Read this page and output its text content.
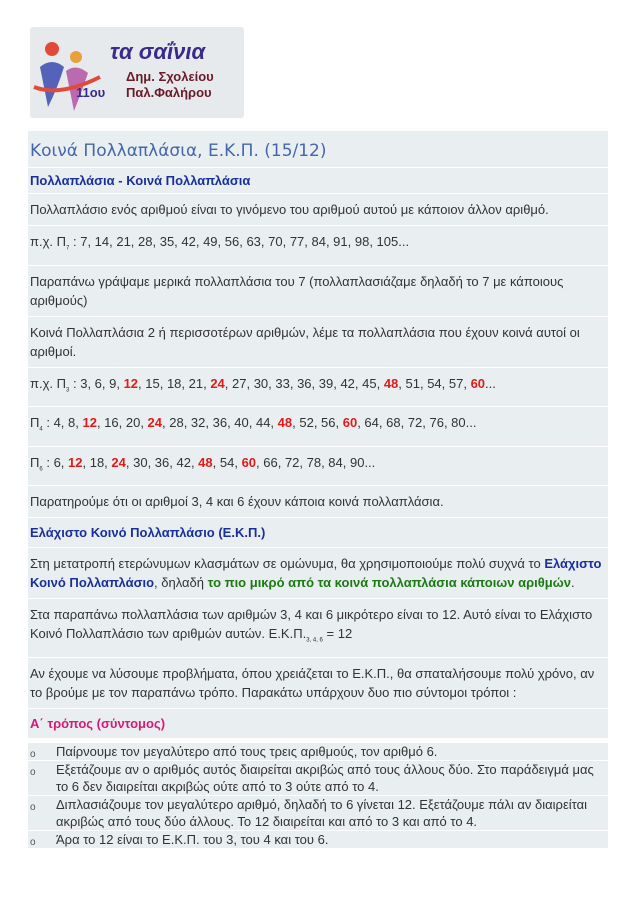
τα σαΐνια
Δημ. Σχολείου
11ου Παλ.Φαλήρου
Κοινά Πολλαπλάσια, Ε.Κ.Π. (15/12)
Πολλαπλάσια - Κοινά Πολλαπλάσια
Πολλαπλάσιο ενός αριθμού είναι το γινόμενο του αριθμού αυτού με κάποιον άλλον αριθμό.
π.χ. $\Pi_7$ : 7, 14, 21, 28, 35, 42, 49, 56, 63, 70, 77, 84, 91, 98, 105...
Παραπάνω γράψαμε μερικά πολλαπλάσια του 7 (πολλαπλασιάζαμε δηλαδή το 7 με κάποιους αριθμούς)
Κοινά Πολλαπλάσια 2 ή περισσοτέρων αριθμών, λέμε τα πολλαπλάσια που έχουν κοινά αυτοί οι αριθμοί.
π.χ. $\Pi_3$ : 3, 6, 9, 12, 15, 18, 21, 24, 27, 30, 33, 36, 39, 42, 45, 48, 51, 54, 57, 60...
$\Pi_4$ : 4, 8, 12, 16, 20, 24, 28, 32, 36, 40, 44, 48, 52, 56, 60, 64, 68, 72, 76, 80...
$\Pi_6$ : 6, 12, 18, 24, 30, 36, 42, 48, 54, 60, 66, 72, 78, 84, 90...
Παρατηρούμε ότι οι αριθμοί 3, 4 και 6 έχουν κάποια κοινά πολλαπλάσια.
Ελάχιστο Κοινό Πολλαπλάσιο (Ε.Κ.Π.)
Στη μετατροπή ετερώνυμων κλασμάτων σε ομώνυμα, θα χρησιμοποιούμε πολύ συχνά το Ελάχιστο Κοινό Πολλαπλάσιο, δηλαδή το πιο μικρό από τα κοινά πολλαπλάσια κάποιων αριθμών.
Στα παραπάνω πολλαπλάσια των αριθμών 3, 4 και 6 μικρότερο είναι το 12. Αυτό είναι το Ελάχιστο Κοινό Πολλαπλάσιο των αριθμών αυτών. $E.K.\Pi._{3, 4, 6} = 12$
Αν έχουμε να λύσουμε προβλήματα, όπου χρειάζεται το Ε.Κ.Π., θα σπαταλήσουμε πολύ χρόνο, αν το βρούμε με τον παραπάνω τρόπο. Παρακάτω υπάρχουν δυο πιο σύντομοι τρόποι :
Α΄ τρόπος (σύντομος)
o Παίρνουμε τον μεγαλύτερο από τους τρεις αριθμούς, τον αριθμό 6.
o Εξετάζουμε αν ο αριθμός αυτός διαιρείται ακριβώς από τους άλλους δύο. Στο παράδειγμά μας το 6 δεν διαιρείται ακριβώς ούτε από το 3 ούτε από το 4.
o Διπλασιάζουμε τον μεγαλύτερο αριθμό, δηλαδή το 6 γίνεται 12. Εξετάζουμε πάλι αν διαιρείται ακριβώς από τους δύο άλλους. Το 12 διαιρείται και από το 3 και από το 4.
o Άρα το 12 είναι το Ε.Κ.Π. του 3, του 4 και του 6.
